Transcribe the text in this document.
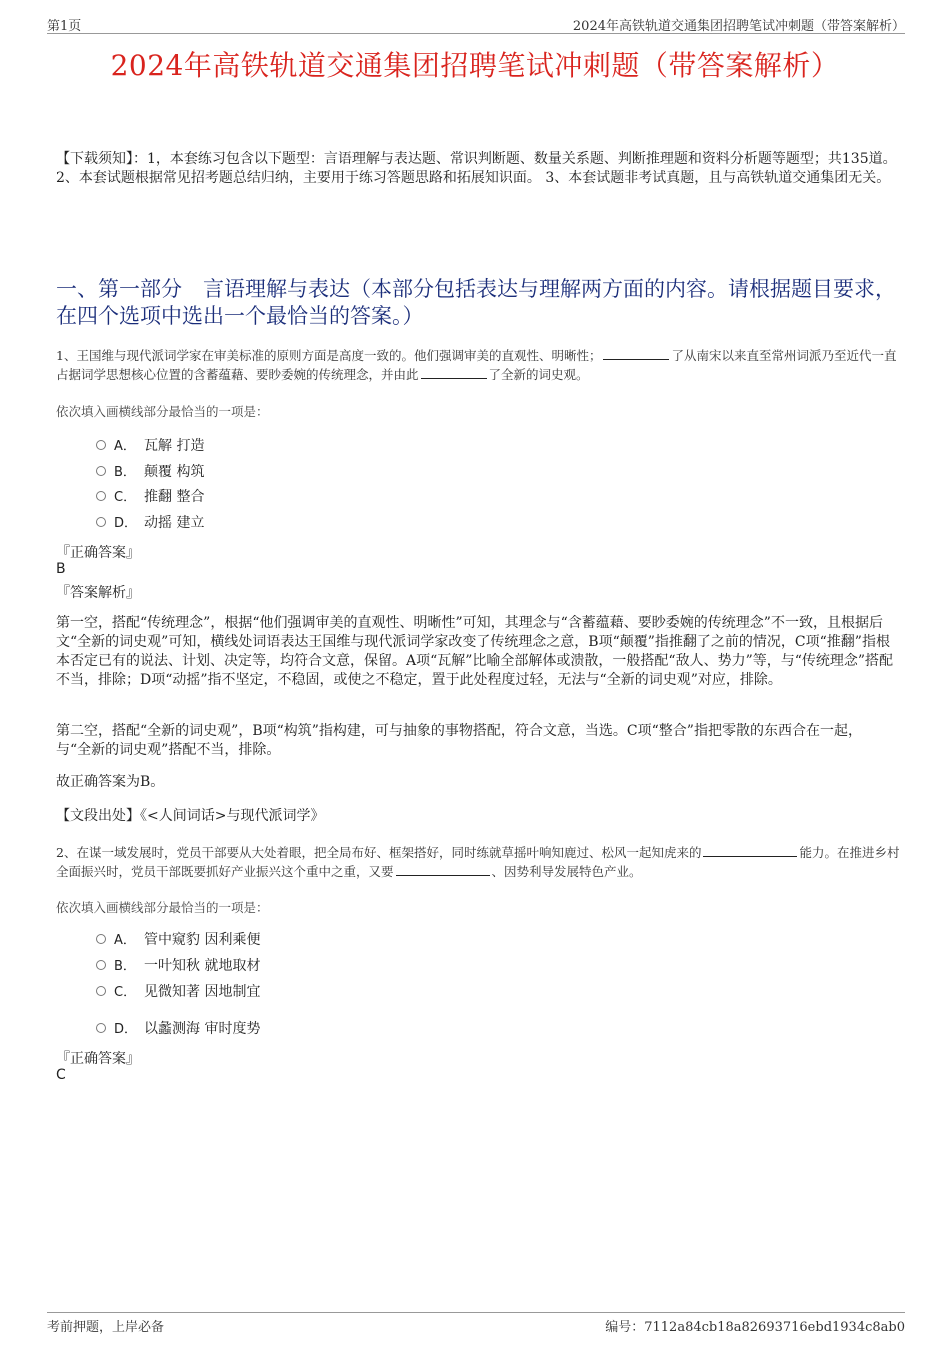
第1页	2024年高铁轨道交通集团招聘笔试冲刺题（带答案解析）
2024年高铁轨道交通集团招聘笔试冲刺题（带答案解析）
【下载须知】：1，本套练习包含以下题型：言语理解与表达题、常识判断题、数量关系题、判断推理题和资料分析题等题型；共135道。 2、本套试题根据常见招考题总结归纳，主要用于练习答题思路和拓展知识面。 3、本套试题非考试真题，且与高铁轨道交通集团无关。
一、第一部分　言语理解与表达（本部分包括表达与理解两方面的内容。请根据题目要求，在四个选项中选出一个最恰当的答案。）
1、王国维与现代派词学家在审美标准的原则方面是高度一致的。他们强调审美的直观性、明晰性；	了从南宋以来直至常州词派乃至近代一直占据词学思想核心位置的含蓄蕴藉、要眇委婉的传统理念，并由此	了全新的词史观。
依次填入画横线部分最恰当的一项是：
A． 瓦解 打造
B． 颠覆 构筑
C． 推翻 整合
D． 动摇 建立
『正确答案』
B
『答案解析』
第一空，搭配“传统理念”，根据“他们强调审美的直观性、明晰性”可知，其理念与“含蓄蕴藉、要眇委婉的传统理念”不一致，且根据后文“全新的词史观”可知，横线处词语表达王国维与现代派词学家改变了传统理念之意，B项“颠覆”指推翻了之前的情况，C项“推翻”指根本否定已有的说法、计划、决定等，均符合文意，保留。A项“瓦解”比喻全部解体或溃散，一般搭配“敌人、势力”等，与“传统理念”搭配不当，排除；D项“动摇”指不坚定，不稳固，或使之不稳定，置于此处程度过轻，无法与“全新的词史观”对应，排除。
第二空，搭配“全新的词史观”，B项“构筑”指构建，可与抽象的事物搭配，符合文意，当选。C项“整合”指把零散的东西合在一起，与“全新的词史观”搭配不当，排除。
故正确答案为B。
【文段出处】《<人间词话>与现代派词学》
2、在谋一域发展时，党员干部要从大处着眼，把全局布好、框架搭好，同时练就草摇叶响知鹿过、松风一起知虎来的	能力。在推进乡村全面振兴时，党员干部既要抓好产业振兴这个重中之重，又要	、因势利导发展特色产业。
依次填入画横线部分最恰当的一项是：
A． 管中窥豹 因利乘便
B． 一叶知秋 就地取材
C． 见微知著 因地制宜
D． 以蠡测海 审时度势
『正确答案』
C
考前押题，上岸必备	编号：7112a84cb18a82693716ebd1934c8ab0
